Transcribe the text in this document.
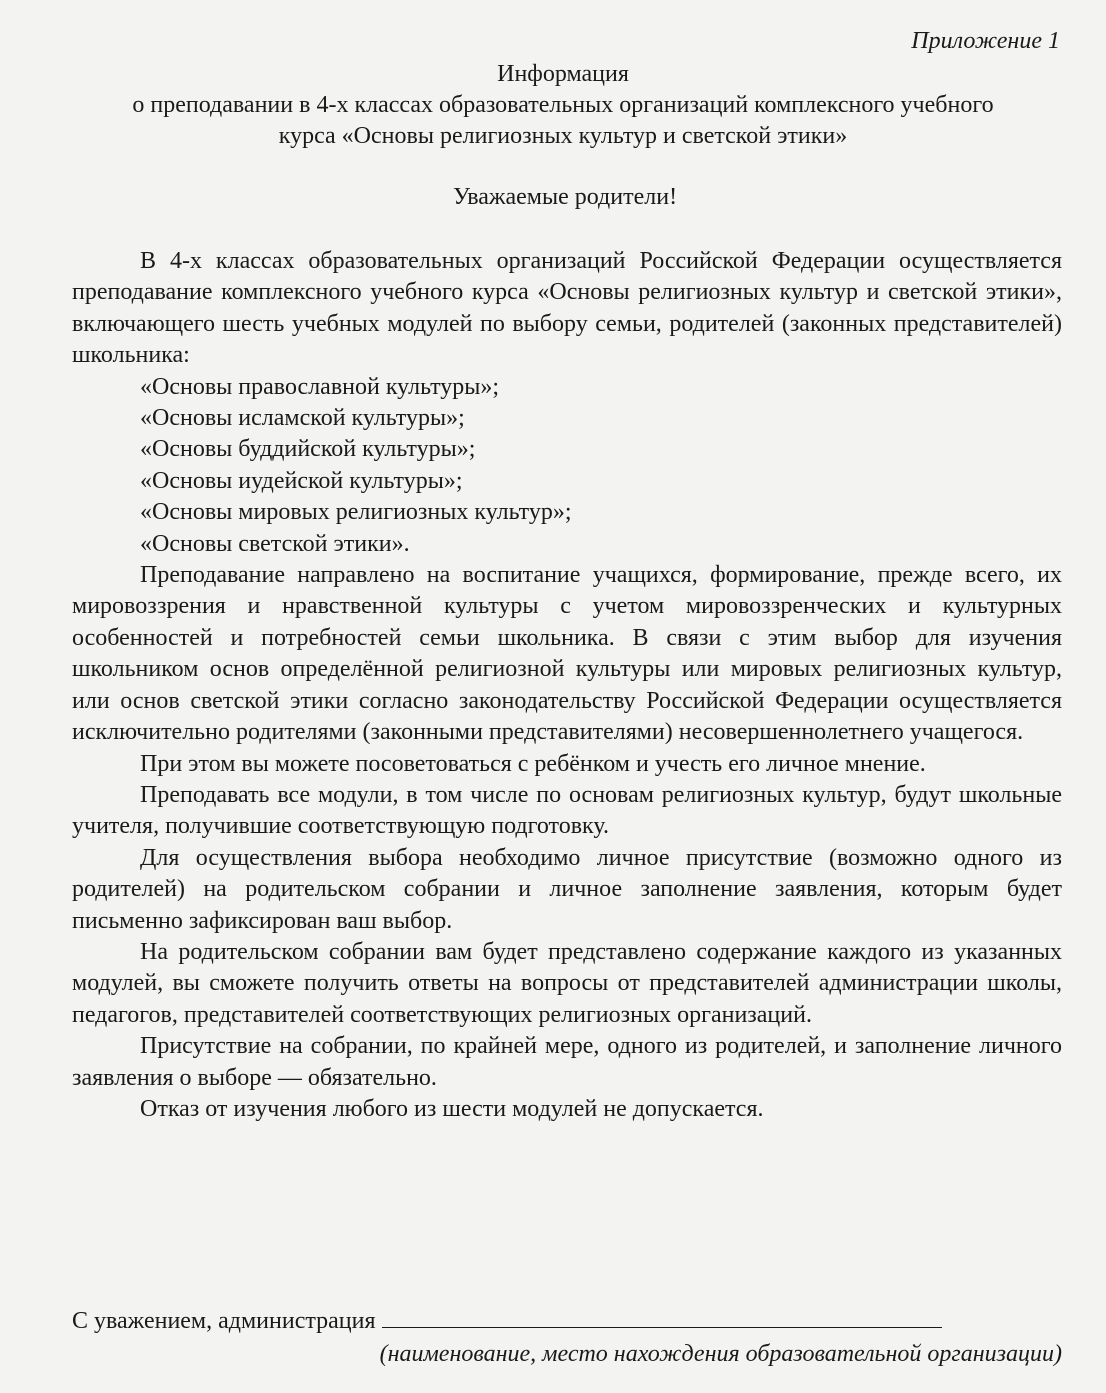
Приложение 1
Информация
о преподавании в 4-х классах образовательных организаций комплексного учебного
курса «Основы религиозных культур и светской этики»
Уважаемые родители!

В 4-х классах образовательных организаций Российской Федерации осуществляется преподавание комплексного учебного курса «Основы религиозных культур и светской этики», включающего шесть учебных модулей по выбору семьи, родителей (законных представителей) школьника:

«Основы православной культуры»;
«Основы исламской культуры»;
«Основы буддийской культуры»;
«Основы иудейской культуры»;
«Основы мировых религиозных культур»;
«Основы светской этики».

Преподавание направлено на воспитание учащихся, формирование, прежде всего, их мировоззрения и нравственной культуры с учетом мировоззренческих и культурных особенностей и потребностей семьи школьника. В связи с этим выбор для изучения школьником основ определённой религиозной культуры или мировых религиозных культур, или основ светской этики согласно законодательству Российской Федерации осуществляется исключительно родителями (законными представителями) несовершеннолетнего учащегося.

При этом вы можете посоветоваться с ребёнком и учесть его личное мнение.

Преподавать все модули, в том числе по основам религиозных культур, будут школьные учителя, получившие соответствующую подготовку.

Для осуществления выбора необходимо личное присутствие (возможно одного из родителей) на родительском собрании и личное заполнение заявления, которым будет письменно зафиксирован ваш выбор.

На родительском собрании вам будет представлено содержание каждого из указанных модулей, вы сможете получить ответы на вопросы от представителей администрации школы, педагогов, представителей соответствующих религиозных организаций.

Присутствие на собрании, по крайней мере, одного из родителей, и заполнение личного заявления о выборе — обязательно.

Отказ от изучения любого из шести модулей не допускается.

С уважением, администрация
(наименование, место нахождения образовательной организации)
